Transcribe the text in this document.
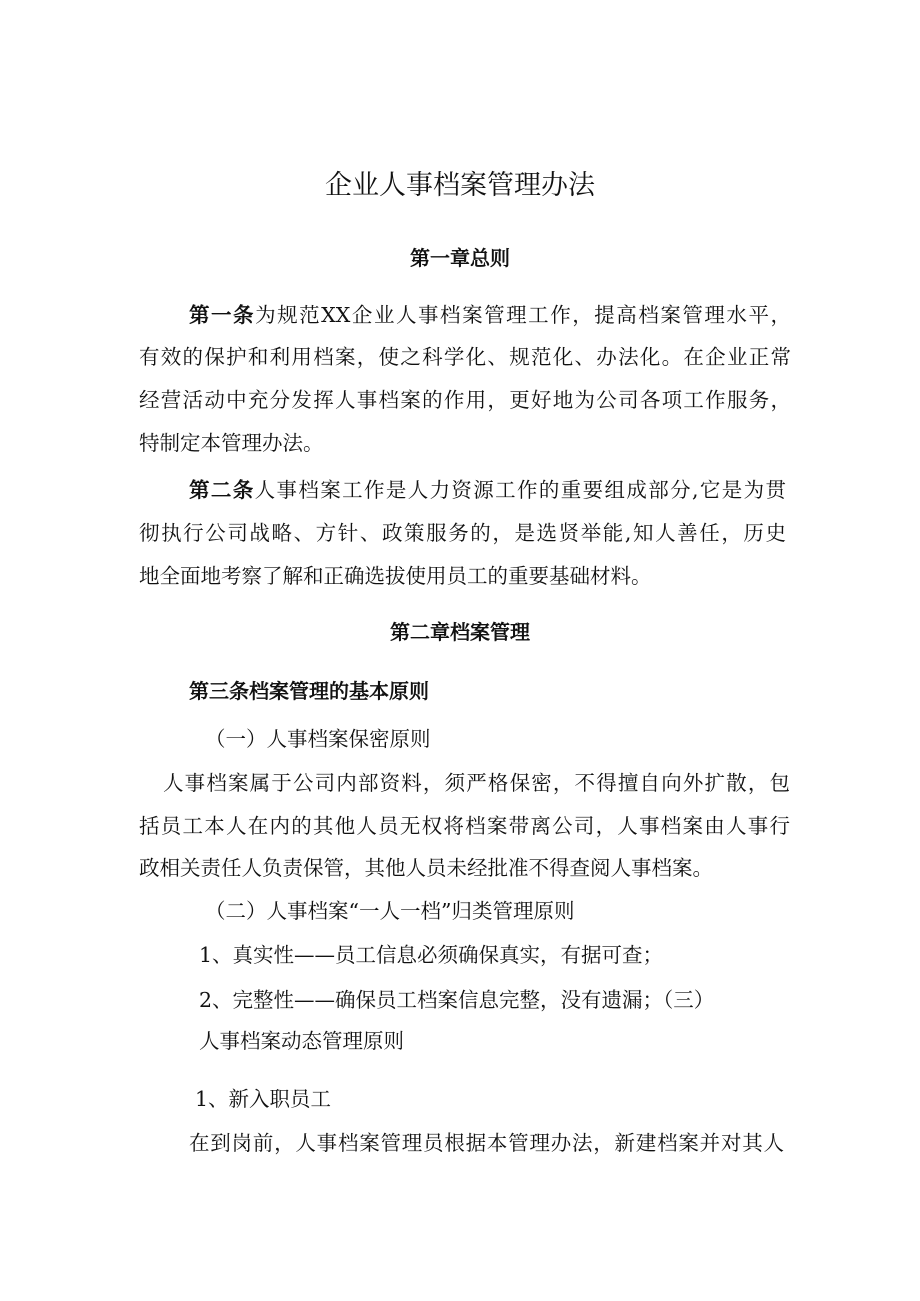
企业人事档案管理办法
第一章总则
第一条为规范XX企业人事档案管理工作，提高档案管理水平，
有效的保护和利用档案，使之科学化、规范化、办法化。在企业正常
经营活动中充分发挥人事档案的作用，更好地为公司各项工作服务，
特制定本管理办法。
第二条人事档案工作是人力资源工作的重要组成部分,它是为贯
彻执行公司战略、方针、政策服务的，是选贤举能,知人善任，历史
地全面地考察了解和正确选拔使用员工的重要基础材料。
第二章档案管理
第三条档案管理的基本原则
（一）人事档案保密原则
人事档案属于公司内部资料，须严格保密，不得擅自向外扩散，包
括员工本人在内的其他人员无权将档案带离公司，人事档案由人事行
政相关责任人负责保管，其他人员未经批准不得查阅人事档案。
（二）人事档案“一人一档”归类管理原则
1、真实性——员工信息必须确保真实，有据可查；
2、完整性——确保员工档案信息完整，没有遗漏；（三）
人事档案动态管理原则
1、新入职员工
在到岗前，人事档案管理员根据本管理办法，新建档案并对其人
